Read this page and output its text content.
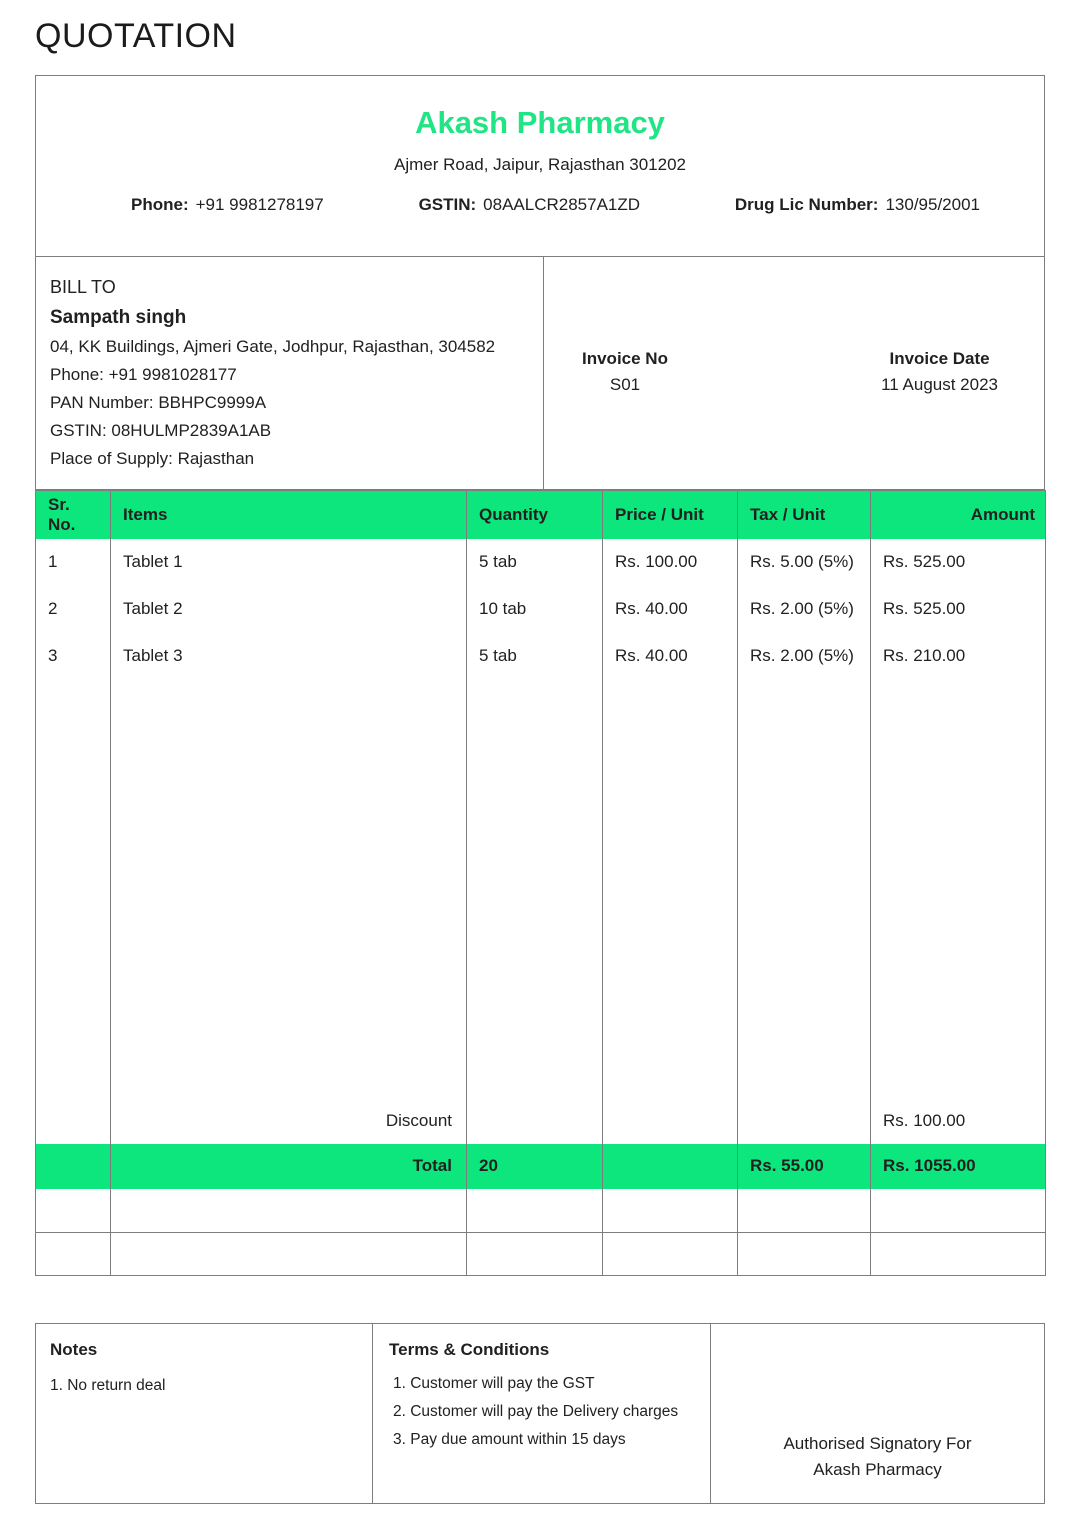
QUOTATION
Akash Pharmacy
Ajmer Road, Jaipur, Rajasthan 301202
Phone: +91 9981278197	GSTIN: 08AALCR2857A1ZD	Drug Lic Number: 130/95/2001
BILL TO
Sampath singh
04, KK Buildings, Ajmeri Gate, Jodhpur, Rajasthan, 304582
Phone: +91 9981028177
PAN Number: BBHPC9999A
GSTIN: 08HULMP2839A1AB
Place of Supply: Rajasthan
Invoice No
S01
Invoice Date
11 August 2023
Sr. No.	Items	Quantity	Price / Unit	Tax / Unit	Amount
1	Tablet 1	5 tab	Rs. 100.00	Rs. 5.00 (5%)	Rs. 525.00
2	Tablet 2	10 tab	Rs. 40.00	Rs. 2.00 (5%)	Rs. 525.00
3	Tablet 3	5 tab	Rs. 40.00	Rs. 2.00 (5%)	Rs. 210.00

	Discount				Rs. 100.00
	Total	20		Rs. 55.00	Rs. 1055.00

Notes
1. No return deal
Terms & Conditions
1. Customer will pay the GST
2. Customer will pay the Delivery charges
3. Pay due amount within 15 days	Authorised Signatory For
Akash Pharmacy
